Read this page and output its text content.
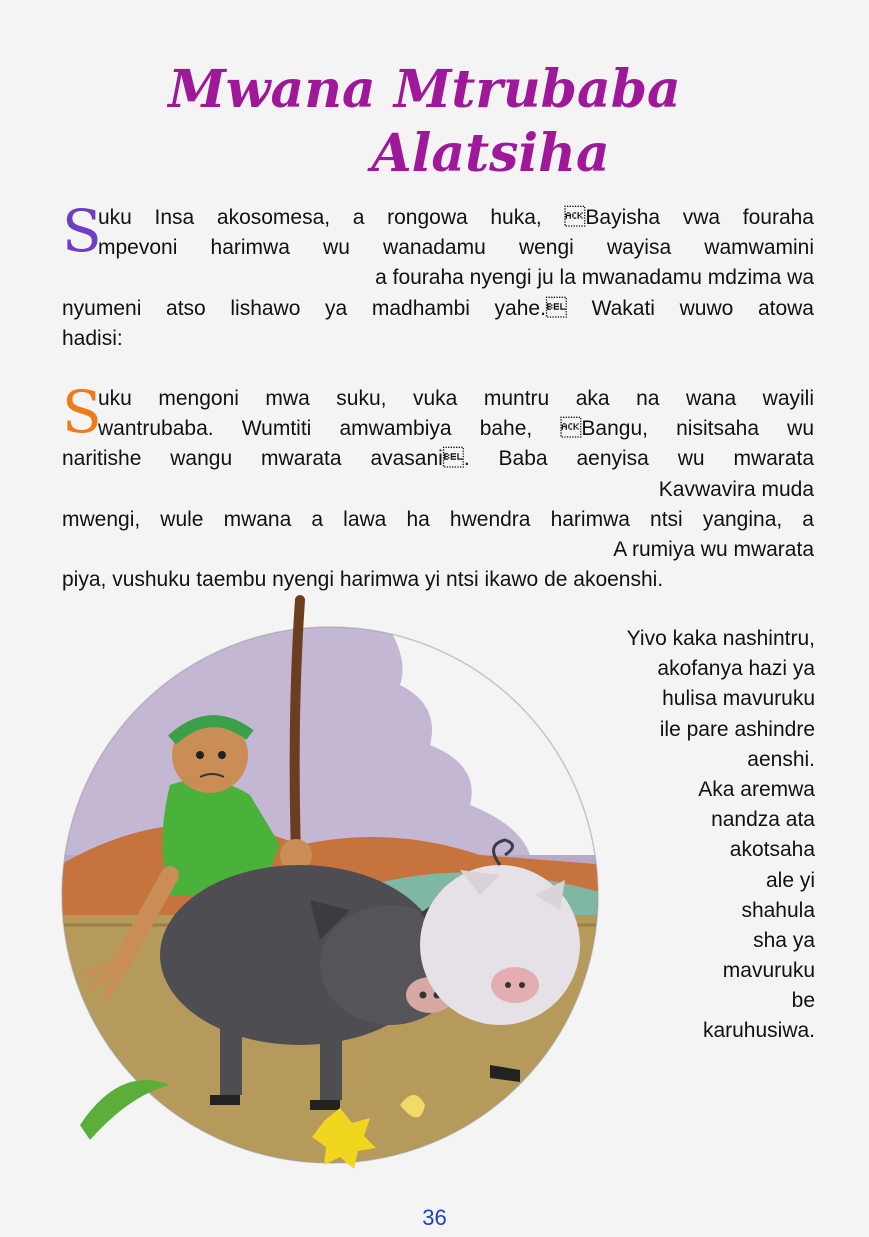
Mwana Mtrubaba
Alatsiha
S
uku Insa akosomesa, a rongowa huka, Bayisha vwa fouraha
mpevoni harimwa wu wanadamu wengi wayisa wamwamini
a fouraha nyengi ju la mwanadamu mdzima wa
nyumeni atso lishawo ya madhambi yahe. Wakati wuwo atowa
hadisi:
S
uku mengoni mwa suku, vuka muntru aka na wana wayili
wantrubaba. Wumtiti amwambiya bahe, Bangu, nisitsaha wu
naritishe wangu mwarata avasani. Baba aenyisa wu mwarata
Kavwavira muda
mwengi, wule mwana a lawa ha hwendra harimwa ntsi yangina, a
A rumiya wu mwarata
piya, vushuku taembu nyengi harimwa yi ntsi ikawo de akoenshi.
Yivo kaka nashintru,
akofanya hazi ya
hulisa mavuruku
ile pare ashindre
aenshi.
Aka aremwa
nandza ata
akotsaha
ale yi
shahula
sha ya
mavuruku
be
karuhusiwa.
36
